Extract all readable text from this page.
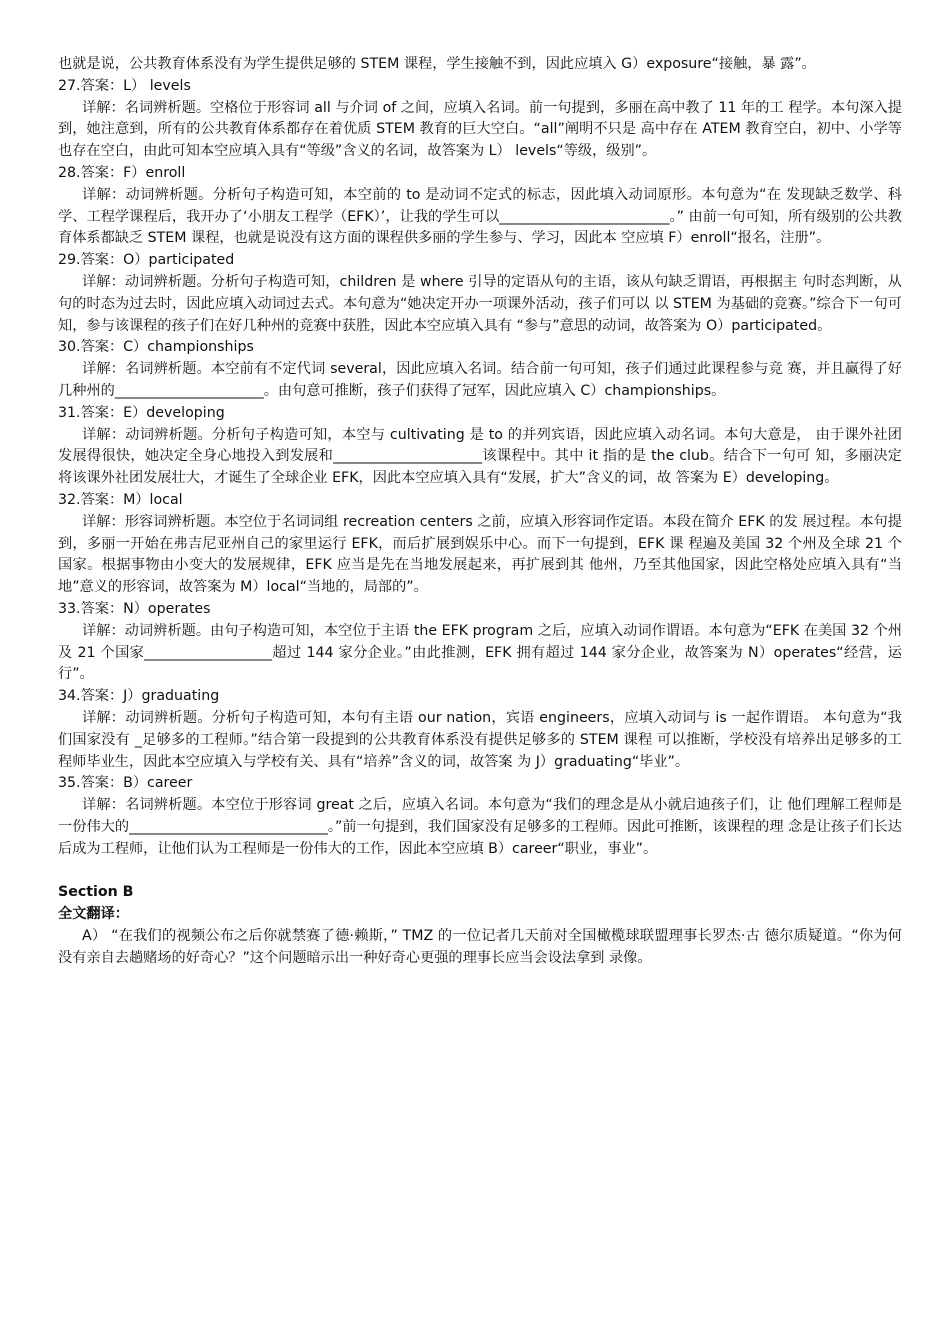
也就是说，公共教育体系没有为学生提供足够的 STEM 课程，学生接触不到，因此应填入 G）exposure“接触，暴 露”。
27.答案：L） levels
详解：名词辨析题。空格位于形容词 all 与介词 of 之间，应填入名词。前一句提到，多丽在高中教了 11 年的工 程学。本句深入提到，她注意到，所有的公共教育体系都存在着优质 STEM 教育的巨大空白。“all”阐明不只是 高中存在 ATEM 教育空白，初中、小学等也存在空白，由此可知本空应填入具有“等级”含义的名词，故答案为 L） levels“等级，级别”。
28.答案：F）enroll
详解：动词辨析题。分析句子构造可知，本空前的 to 是动词不定式的标志，因此填入动词原形。本句意为“在 发现缺乏数学、科学、工程学课程后，我开办了‘小朋友工程学（EFK）’，让我的学生可以________________________。” 由前一句可知，所有级别的公共教育体系都缺乏 STEM 课程，也就是说没有这方面的课程供多丽的学生参与、学习，因此本 空应填 F）enroll“报名，注册”。
29.答案：O）participated
详解：动词辨析题。分析句子构造可知，children 是 where 引导的定语从句的主语，该从句缺乏谓语，再根据主 句时态判断，从句的时态为过去时，因此应填入动词过去式。本句意为“她决定开办一项课外活动，孩子们可以 以 STEM 为基础的竞赛。”综合下一句可知，参与该课程的孩子们在好几种州的竞赛中获胜，因此本空应填入具有 “参与”意思的动词，故答案为 O）participated。
30.答案：C）championships
详解：名词辨析题。本空前有不定代词 several，因此应填入名词。结合前一句可知，孩子们通过此课程参与竞 赛，并且赢得了好几种州的_____________________。由句意可推断，孩子们获得了冠军，因此应填入 C）championships。
31.答案：E）developing
详解：动词辨析题。分析句子构造可知，本空与 cultivating 是 to 的并列宾语，因此应填入动名词。本句大意是， 由于课外社团发展得很快，她决定全身心地投入到发展和_____________________该课程中。其中 it 指的是 the club。结合下一句可 知，多丽决定将该课外社团发展壮大，才诞生了全球企业 EFK，因此本空应填入具有“发展，扩大”含义的词，故 答案为 E）developing。
32.答案：M）local
详解：形容词辨析题。本空位于名词词组 recreation centers 之前，应填入形容词作定语。本段在简介 EFK 的发 展过程。本句提到，多丽一开始在弗吉尼亚州自己的家里运行 EFK，而后扩展到娱乐中心。而下一句提到，EFK 课 程遍及美国 32 个州及全球 21 个国家。根据事物由小变大的发展规律，EFK 应当是先在当地发展起来，再扩展到其 他州，乃至其他国家，因此空格处应填入具有“当地”意义的形容词，故答案为 M）local“当地的，局部的”。
33.答案：N）operates
详解：动词辨析题。由句子构造可知，本空位于主语 the EFK program 之后，应填入动词作谓语。本句意为“EFK 在美国 32 个州及 21 个国家__________________超过 144 家分企业。”由此推测，EFK 拥有超过 144 家分企业，故答案为 N）operates“经营，运行”。
34.答案：J）graduating
详解：动词辨析题。分析句子构造可知，本句有主语 our nation，宾语 engineers，应填入动词与 is 一起作谓语。 本句意为“我们国家没有 _足够多的工程师。”结合第一段提到的公共教育体系没有提供足够多的 STEM 课程 可以推断，学校没有培养出足够多的工程师毕业生，因此本空应填入与学校有关、具有“培养”含义的词，故答案 为 J）graduating“毕业”。
35.答案：B）career
详解：名词辨析题。本空位于形容词 great 之后，应填入名词。本句意为“我们的理念是从小就启迪孩子们，让 他们理解工程师是一份伟大的____________________________。”前一句提到，我们国家没有足够多的工程师。因此可推断，该课程的理 念是让孩子们长达后成为工程师，让他们认为工程师是一份伟大的工作，因此本空应填 B）career“职业，事业”。
Section B
全文翻译：
A） “在我们的视频公布之后你就禁赛了德·赖斯，” TMZ 的一位记者几天前对全国橄榄球联盟理事长罗杰·古 德尔质疑道。“你为何没有亲自去趟赌场的好奇心？”这个问题暗示出一种好奇心更强的理事长应当会设法拿到 录像。
